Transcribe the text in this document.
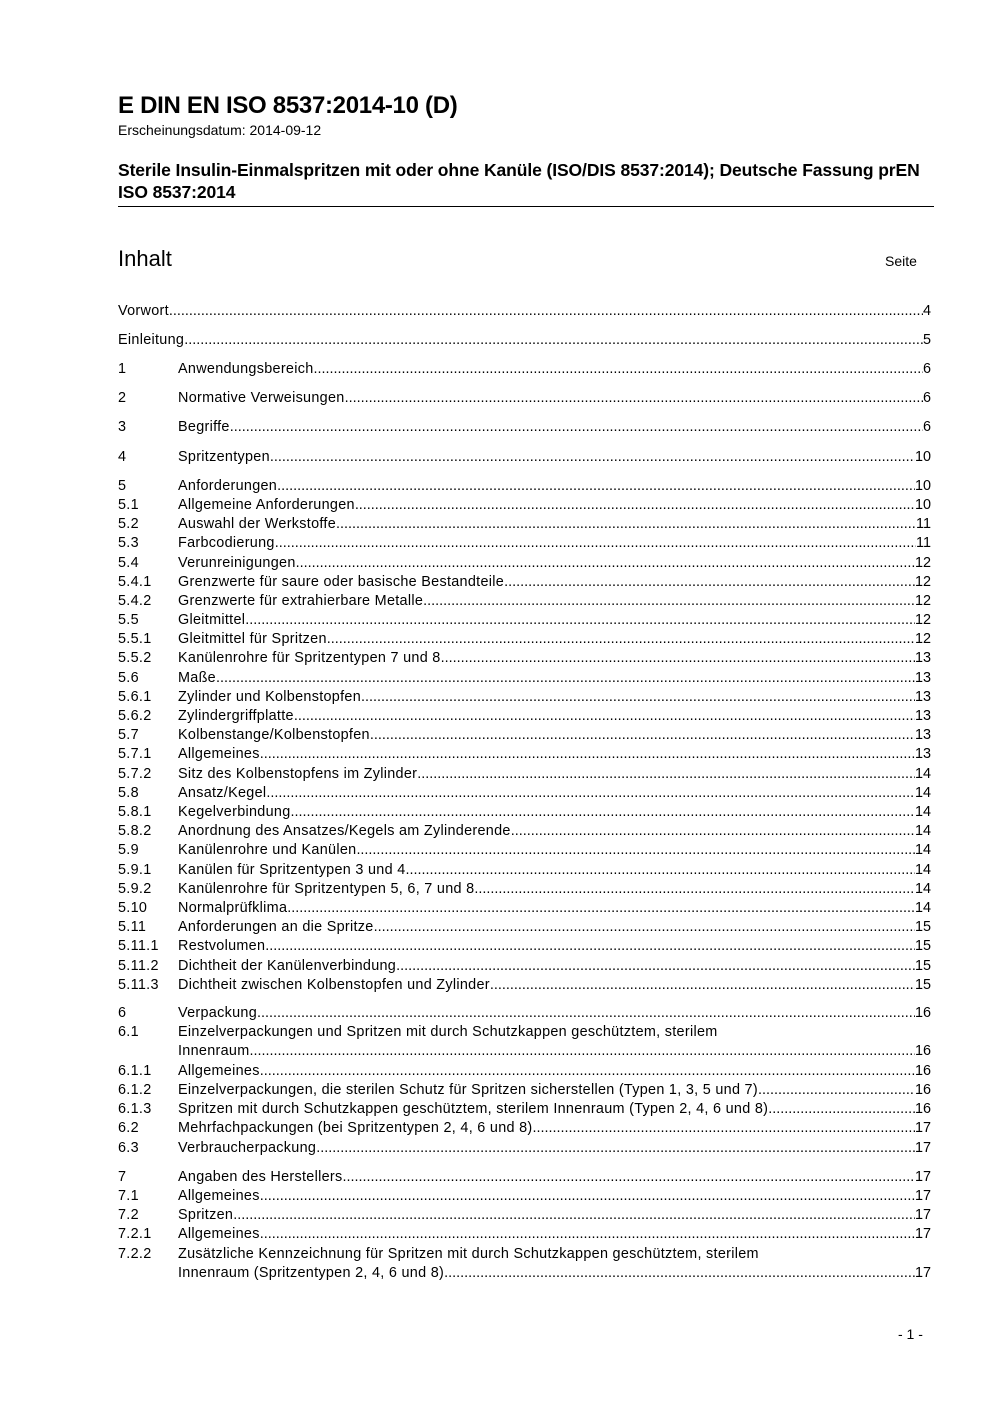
E DIN EN ISO 8537:2014-10 (D)
Erscheinungsdatum: 2014-09-12
Sterile Insulin-Einmalspritzen mit oder ohne Kanüle (ISO/DIS 8537:2014); Deutsche Fassung prEN ISO 8537:2014
Inhalt	Seite
Vorwort .....	4
Einleitung .....	5
1	Anwendungsbereich .....	6
2	Normative Verweisungen .....	6
3	Begriffe .....	6
4	Spritzentypen .....	10
5	Anforderungen .....	10
5.1	Allgemeine Anforderungen .....	10
5.2	Auswahl der Werkstoffe .....	11
5.3	Farbcodierung .....	11
5.4	Verunreinigungen .....	12
5.4.1 Grenzwerte für saure oder basische Bestandteile .....	12
5.4.2 Grenzwerte für extrahierbare Metalle .....	12
5.5	Gleitmittel .....	12
5.5.1 Gleitmittel für Spritzen .....	12
5.5.2 Kanülenrohre für Spritzentypen 7 und 8 .....	13
5.6	Maße .....	13
5.6.1 Zylinder und Kolbenstopfen .....	13
5.6.2 Zylindergriffplatte .....	13
5.7	Kolbenstange/Kolbenstopfen .....	13
5.7.1 Allgemeines .....	13
5.7.2 Sitz des Kolbenstopfens im Zylinder .....	14
5.8	Ansatz/Kegel .....	14
5.8.1 Kegelverbindung .....	14
5.8.2 Anordnung des Ansatzes/Kegels am Zylinderende .....	14
5.9	Kanülenrohre und Kanülen .....	14
5.9.1 Kanülen für Spritzentypen 3 und 4 .....	14
5.9.2 Kanülenrohre für Spritzentypen 5, 6, 7 und 8 .....	14
5.10 Normalprüfklima .....	14
5.11 Anforderungen an die Spritze .....	15
5.11.1 Restvolumen .....	15
5.11.2 Dichtheit der Kanülenverbindung .....	15
5.11.3 Dichtheit zwischen Kolbenstopfen und Zylinder .....	15
6	Verpackung .....	16
6.1	Einzelverpackungen und Spritzen mit durch Schutzkappen geschütztem, sterilem
Innenraum .....	16
6.1.1 Allgemeines .....	16
6.1.2 Einzelverpackungen, die sterilen Schutz für Spritzen sicherstellen (Typen 1, 3, 5 und 7) .....	16
6.1.3 Spritzen mit durch Schutzkappen geschütztem, sterilem Innenraum (Typen 2, 4, 6 und 8) .....	16
6.2	Mehrfachpackungen (bei Spritzentypen 2, 4, 6 und 8) .....	17
6.3	Verbraucherpackung .....	17
7	Angaben des Herstellers .....	17
7.1	Allgemeines .....	17
7.2	Spritzen .....	17
7.2.1 Allgemeines .....	17
7.2.2 Zusätzliche Kennzeichnung für Spritzen mit durch Schutzkappen geschütztem, sterilem
Innenraum (Spritzentypen 2, 4, 6 und 8) .....	17
- 1 -
